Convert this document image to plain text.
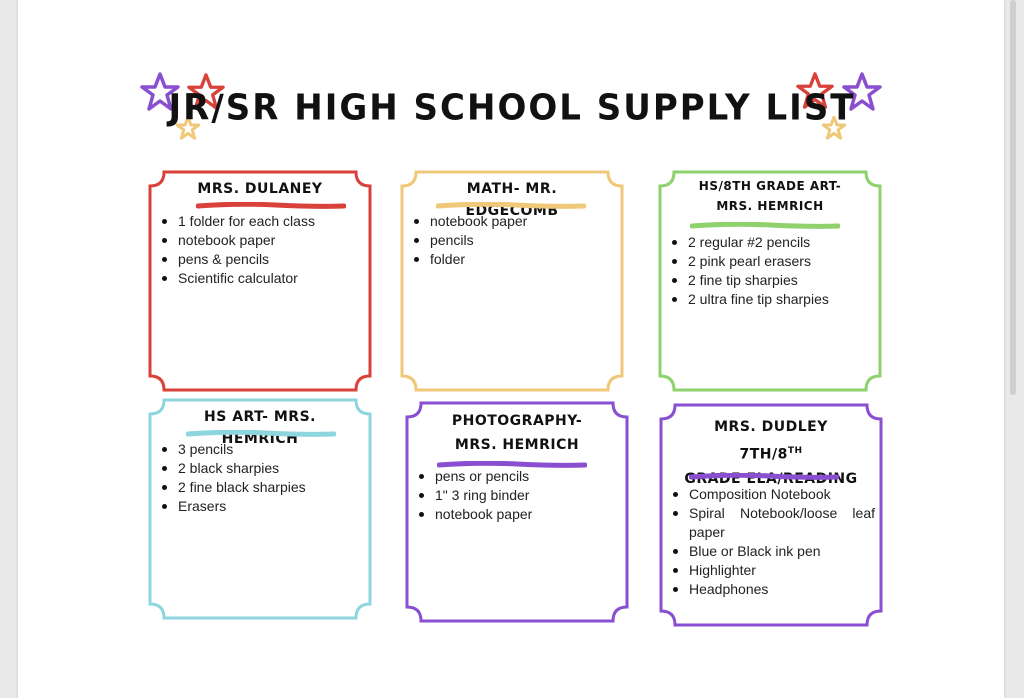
JR/SR HIGH SCHOOL SUPPLY LIST
MRS. DULANEY
1 folder for each class
notebook paper
pens & pencils
Scientific calculator
MATH- MR. EDGECOMB
notebook paper
pencils
folder
HS/8TH GRADE ART- MRS. HEMRICH
2 regular #2 pencils
2 pink pearl erasers
2 fine tip sharpies
2 ultra fine tip sharpies
HS ART- MRS. HEMRICH
3 pencils
2 black sharpies
2 fine black sharpies
Erasers
PHOTOGRAPHY- MRS. HEMRICH
pens or pencils
1" 3 ring binder
notebook paper
MRS. DUDLEY 7TH/8TH
GRADE ELA/READING
Composition Notebook
Spiral Notebook/loose leaf
paper
Blue or Black ink pen
Highlighter
Headphones
